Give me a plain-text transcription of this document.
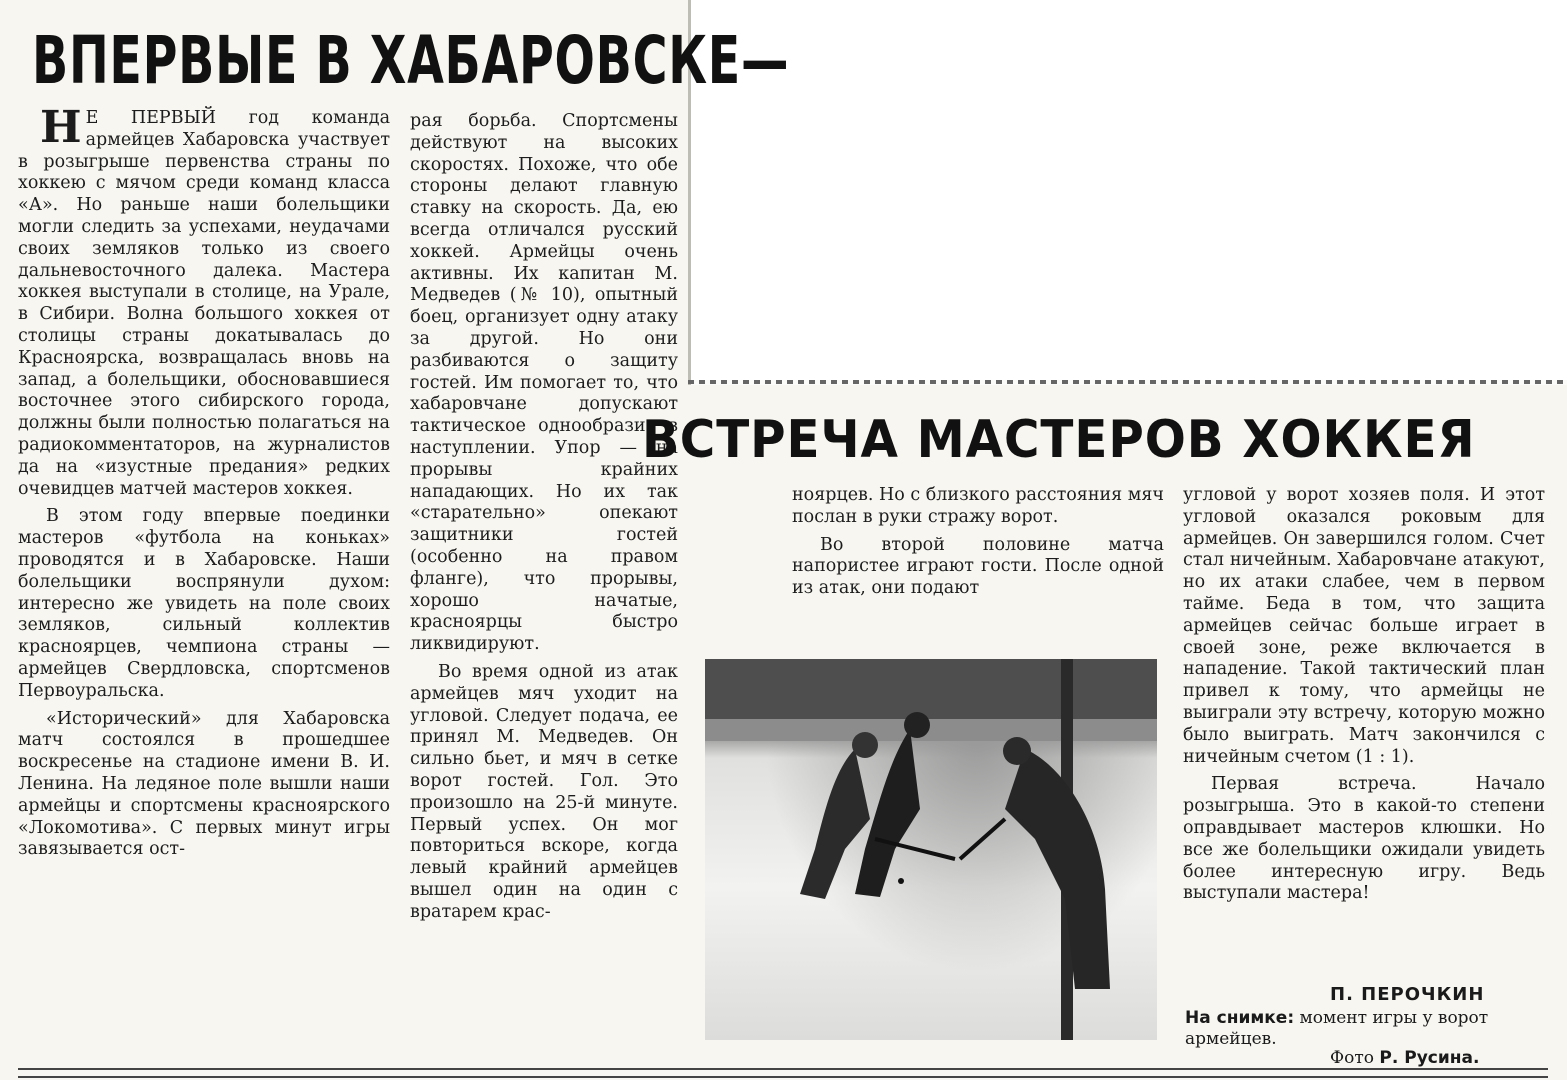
ВПЕРВЫЕ В ХАБАРОВСКЕ—

Н Е ПЕРВЫЙ год команда армейцев Хабаровска участвует в розыгрыше первенства страны по хоккею с мячом среди команд класса «А». Но раньше наши болельщики могли следить за успехами, неудачами своих земляков только из своего дальневосточного далека. Мастера хоккея выступали в столице, на Урале, в Сибири. Волна большого хоккея от столицы страны докатывалась до Красноярска, возвращалась вновь на запад, а болельщики, обосновавшиеся восточнее этого сибирского города, должны были полностью полагаться на радиокомментаторов, на журналистов да на «изустные предания» редких очевидцев матчей мастеров хоккея.

В этом году впервые поединки мастеров «футбола на коньках» проводятся и в Хабаровске. Наши болельщики воспрянули духом: интересно же увидеть на поле своих земляков, сильный коллектив красноярцев, чемпиона страны — армейцев Свердловска, спортсменов Первоуральска.

«Исторический» для Хабаровска матч состоялся в прошедшее воскресенье на стадионе имени В. И. Ленина. На ледяное поле вышли наши армейцы и спортсмены красноярского «Локомотива». С первых минут игры завязывается ост-

рая борьба. Спортсмены действуют на высоких скоростях. Похоже, что обе стороны делают главную ставку на скорость. Да, ею всегда отличался русский хоккей. Армейцы очень активны. Их капитан М. Медведев (№ 10), опытный боец, организует одну атаку за другой. Но они разбиваются о защиту гостей. Им помогает то, что хабаровчане допускают тактическое однообразие в наступлении. Упор — на прорывы крайних нападающих. Но их так «старательно» опекают защитники гостей (особенно на правом фланге), что прорывы, хорошо начатые, красноярцы быстро ликвидируют.

Во время одной из атак армейцев мяч уходит на угловой. Следует подача, ее принял М. Медведев. Он сильно бьет, и мяч в сетке ворот гостей. Гол. Это произошло на 25-й минуте. Первый успех. Он мог повториться вскоре, когда левый крайний армейцев вышел один на один с вратарем крас-

ВСТРЕЧА МАСТЕРОВ ХОККЕЯ

ноярцев. Но с близкого расстояния мяч послан в руки стражу ворот.

Во второй половине матча напористее играют гости. После одной из атак, они подают

угловой у ворот хозяев поля. И этот угловой оказался роковым для армейцев. Он завершился голом. Счет стал ничейным. Хабаровчане атакуют, но их атаки слабее, чем в первом тайме. Беда в том, что защита армейцев сейчас больше играет в своей зоне, реже включается в нападение. Такой тактический план привел к тому, что армейцы не выиграли эту встречу, которую можно было выиграть. Матч закончился с ничейным счетом (1 : 1).

Первая встреча. Начало розыгрыша. Это в какой-то степени оправдывает мастеров клюшки. Но все же болельщики ожидали увидеть более интересную игру. Ведь выступали мастера!

П. ПЕРОЧКИН

На снимке: момент игры у ворот армейцев.

Фото Р. Русина.
